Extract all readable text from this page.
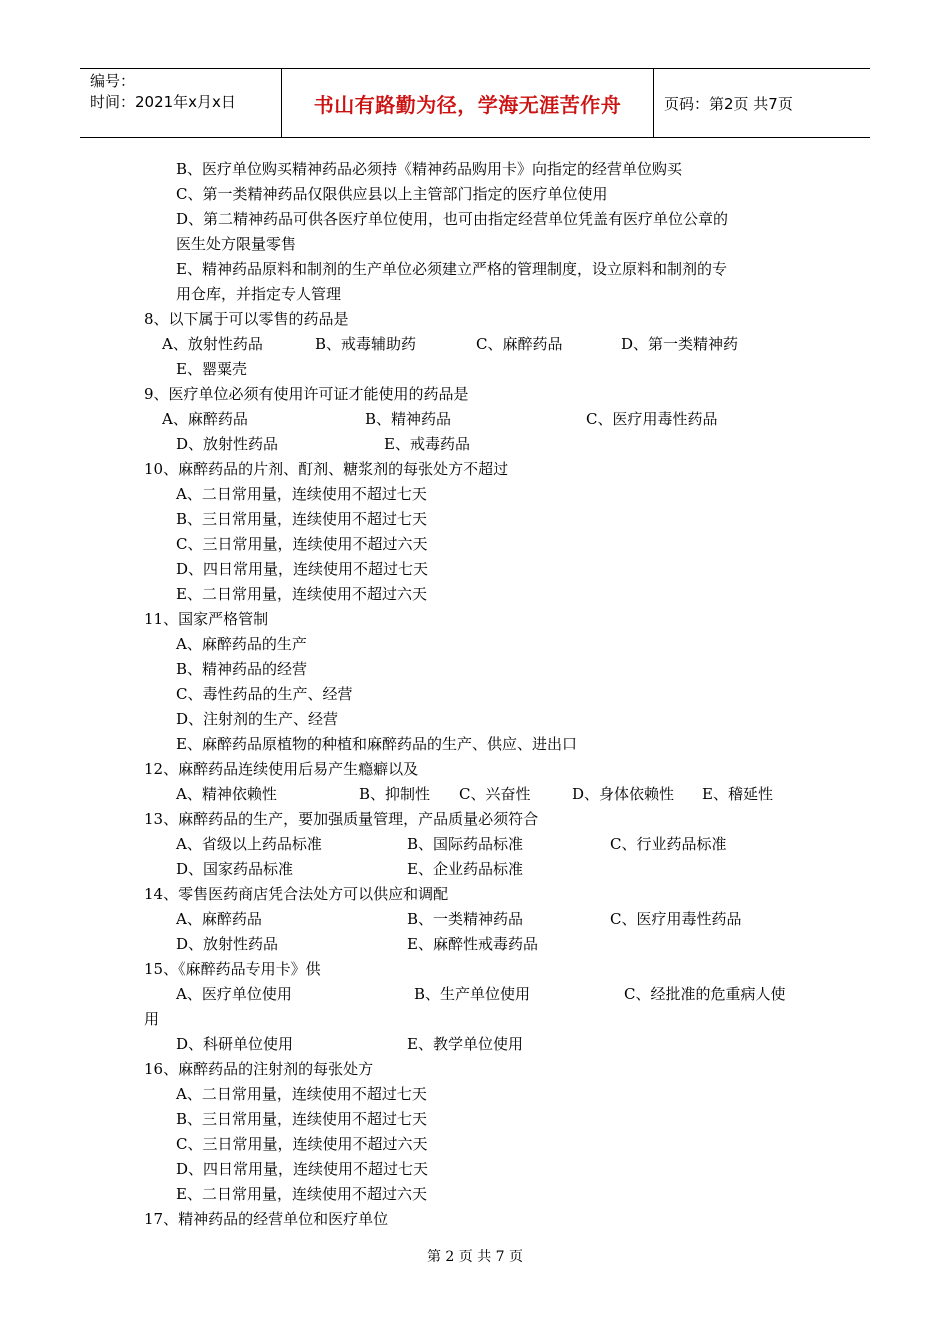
编号：
时间：2021年x月x日	书山有路勤为径，学海无涯苦作舟	页码：第2页 共7页
B、医疗单位购买精神药品必须持《精神药品购用卡》向指定的经营单位购买
C、第一类精神药品仅限供应县以上主管部门指定的医疗单位使用
D、第二精神药品可供各医疗单位使用，也可由指定经营单位凭盖有医疗单位公章的
医生处方限量零售
E、精神药品原料和制剂的生产单位必须建立严格的管理制度，设立原料和制剂的专
用仓库，并指定专人管理
8、以下属于可以零售的药品是
A、放射性药品	B、戒毒辅助药	C、麻醉药品	D、第一类精神药
E、罂粟壳
9、医疗单位必须有使用许可证才能使用的药品是
A、麻醉药品	B、精神药品	C、医疗用毒性药品
D、放射性药品	E、戒毒药品
10、麻醉药品的片剂、酊剂、糖浆剂的每张处方不超过
A、二日常用量，连续使用不超过七天
B、三日常用量，连续使用不超过七天
C、三日常用量，连续使用不超过六天
D、四日常用量，连续使用不超过七天
E、二日常用量，连续使用不超过六天
11、国家严格管制
A、麻醉药品的生产
B、精神药品的经营
C、毒性药品的生产、经营
D、注射剂的生产、经营
E、麻醉药品原植物的种植和麻醉药品的生产、供应、进出口
12、麻醉药品连续使用后易产生瘾癖以及
A、精神依赖性	B、抑制性 C、兴奋性	D、身体依赖性 E、稽延性
13、麻醉药品的生产，要加强质量管理，产品质量必须符合
A、省级以上药品标准	B、国际药品标准	C、行业药品标准
D、国家药品标准	E、企业药品标准
14、零售医药商店凭合法处方可以供应和调配
A、麻醉药品	B、一类精神药品	C、医疗用毒性药品
D、放射性药品	E、麻醉性戒毒药品
15、《麻醉药品专用卡》供
A、医疗单位使用	B、生产单位使用	C、经批准的危重病人使
用
D、科研单位使用	E、教学单位使用
16、麻醉药品的注射剂的每张处方
A、二日常用量，连续使用不超过七天
B、三日常用量，连续使用不超过七天
C、三日常用量，连续使用不超过六天
D、四日常用量，连续使用不超过七天
E、二日常用量，连续使用不超过六天
17、精神药品的经营单位和医疗单位
第 2 页 共 7 页
